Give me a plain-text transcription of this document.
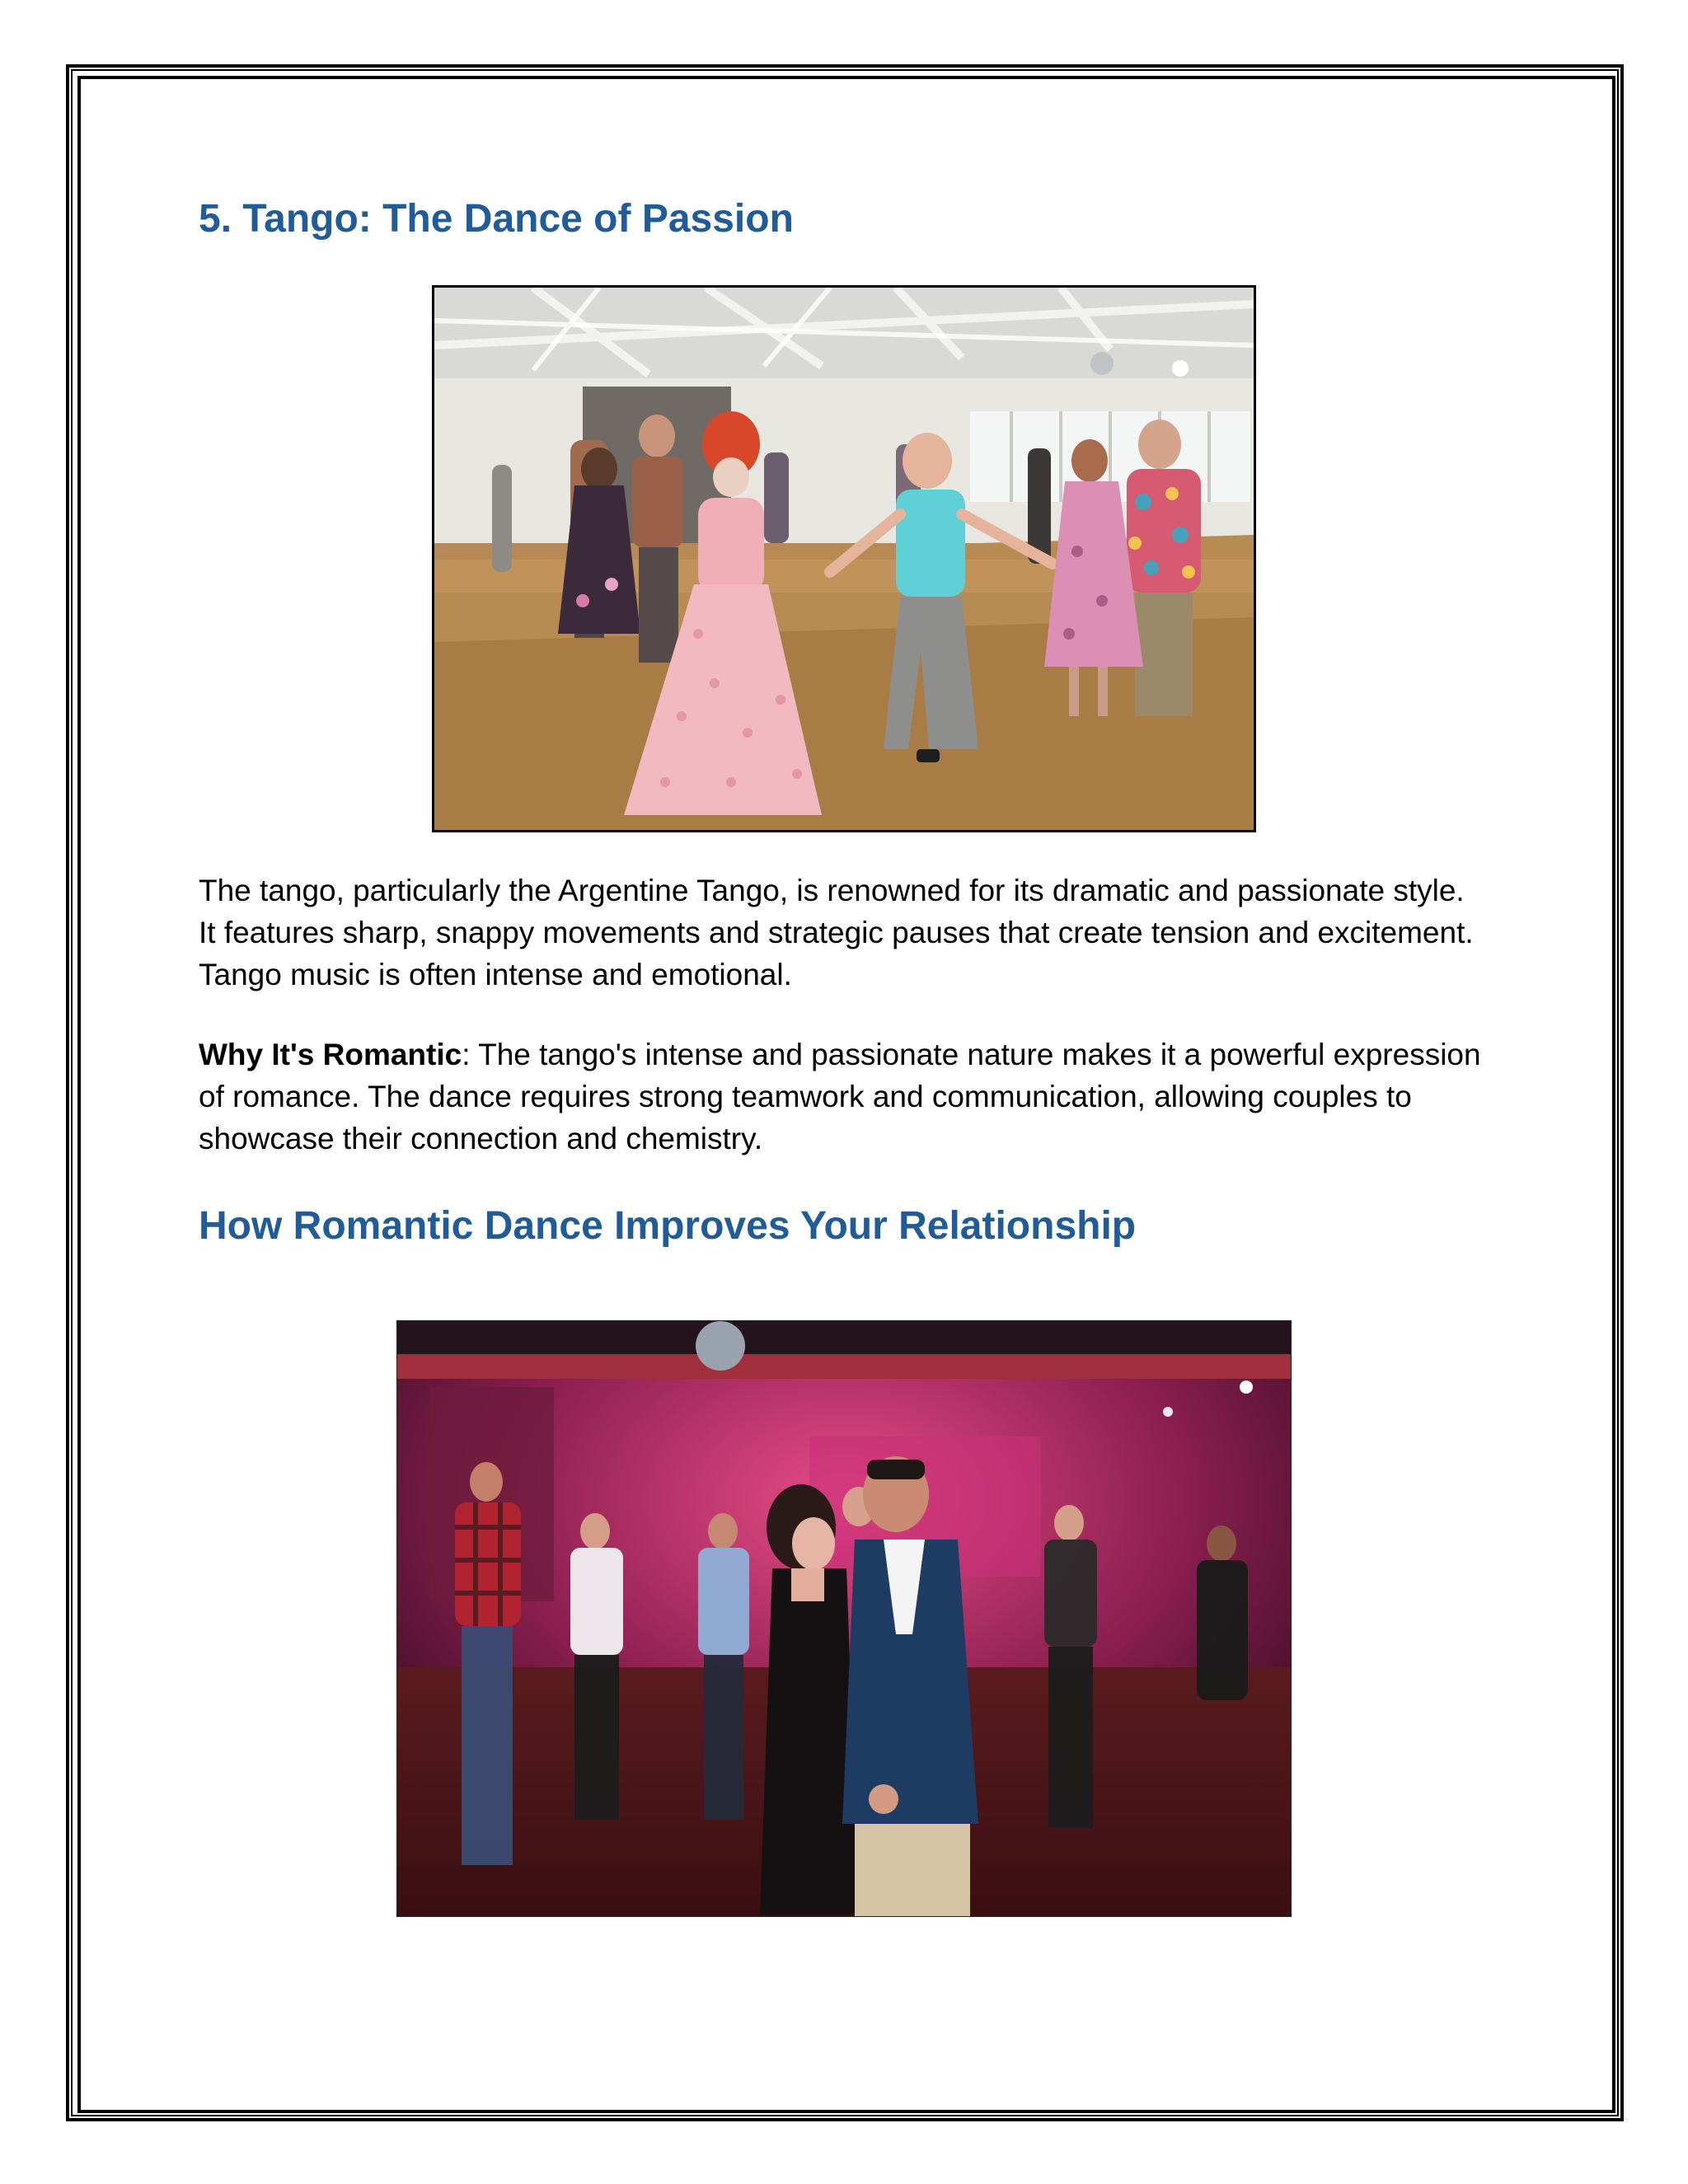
5. Tango: The Dance of Passion

The tango, particularly the Argentine Tango, is renowned for its dramatic and passionate style. It features sharp, snappy movements and strategic pauses that create tension and excitement. Tango music is often intense and emotional.

Why It's Romantic: The tango's intense and passionate nature makes it a powerful expression of romance. The dance requires strong teamwork and communication, allowing couples to showcase their connection and chemistry.

How Romantic Dance Improves Your Relationship
